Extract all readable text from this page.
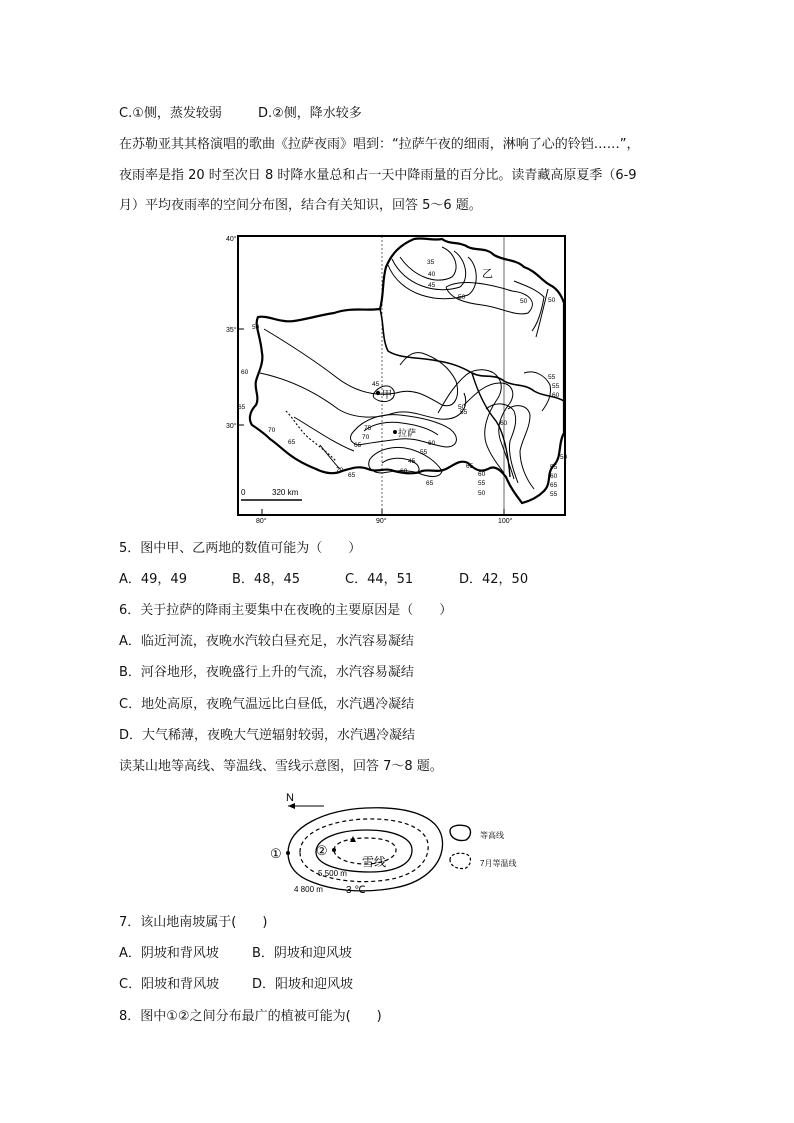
C.①侧，蒸发较弱	D.②侧，降水较多
在苏勒亚其其格演唱的歌曲《拉萨夜雨》唱到：“拉萨午夜的细雨，淋响了心的铃铛……”，
夜雨率是指 20 时至次日 8 时降水量总和占一天中降雨量的百分比。读青藏高原夏季（6-9
月）平均夜雨率的空间分布图，结合有关知识，回答 5～6 题。
40°
35°
30°
80°	90°	100°
甲
乙
拉萨
35
40
45
50
50	50
50
55
60
55
45
60
65
70	75
70
65	60
55
45
60
65
65
60
55
50
55
60
65
70
65
50
55
60
65
55
50
0	320 km
5．图中甲、乙两地的数值可能为（　　）
A．49，49	B．48，45	C．44，51	D．42，50
6．关于拉萨的降雨主要集中在夜晚的主要原因是（　　）
A．临近河流，夜晚水汽较白昼充足，水汽容易凝结
B．河谷地形，夜晚盛行上升的气流，水汽容易凝结
C．地处高原，夜晚气温远比白昼低，水汽遇冷凝结
D．大气稀薄，夜晚大气逆辐射较弱，水汽遇冷凝结
读某山地等高线、等温线、雪线示意图，回答 7～8 题。
N
①	②
雪线
5 500 m
4 800 m 3 ℃
等高线
7月等温线
7．该山地南坡属于(　　)
A．阴坡和背风坡	B．阴坡和迎风坡
C．阳坡和背风坡	D．阳坡和迎风坡
8．图中①②之间分布最广的植被可能为(　　)
